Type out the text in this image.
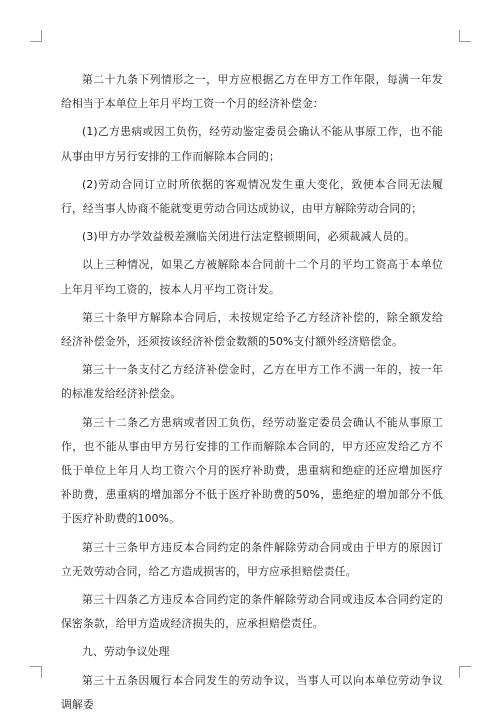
第二十九条下列情形之一，甲方应根据乙方在甲方工作年限，每满一年发给相当于本单位上年月平均工资一个月的经济补偿金：

(1)乙方患病或因工负伤，经劳动鉴定委员会确认不能从事原工作，也不能从事由甲方另行安排的工作而解除本合同的；

(2)劳动合同订立时所依据的客观情况发生重大变化，致使本合同无法履行，经当事人协商不能就变更劳动合同达成协议，由甲方解除劳动合同的；

(3)甲方办学效益极差濒临关闭进行法定整顿期间，必须裁减人员的。

以上三种情况，如果乙方被解除本合同前十二个月的平均工资高于本单位上年月平均工资的，按本人月平均工资计发。

第三十条甲方解除本合同后，未按规定给予乙方经济补偿的，除全额发给经济补偿金外，还须按该经济补偿金数额的50%支付额外经济赔偿金。

第三十一条支付乙方经济补偿金时，乙方在甲方工作不满一年的，按一年的标准发给经济补偿金。

第三十二条乙方患病或者因工负伤，经劳动鉴定委员会确认不能从事原工作，也不能从事由甲方另行安排的工作而解除本合同的，甲方还应发给乙方不低于单位上年月人均工资六个月的医疗补助费，患重病和绝症的还应增加医疗补助费，患重病的增加部分不低于医疗补助费的50%，患绝症的增加部分不低于医疗补助费的100%。

第三十三条甲方违反本合同约定的条件解除劳动合同或由于甲方的原因订立无效劳动合同，给乙方造成损害的，甲方应承担赔偿责任。

第三十四条乙方违反本合同约定的条件解除劳动合同或违反本合同约定的保密条款，给甲方造成经济损失的，应承担赔偿责任。

九、劳动争议处理

第三十五条因履行本合同发生的劳动争议，当事人可以向本单位劳动争议调解委
